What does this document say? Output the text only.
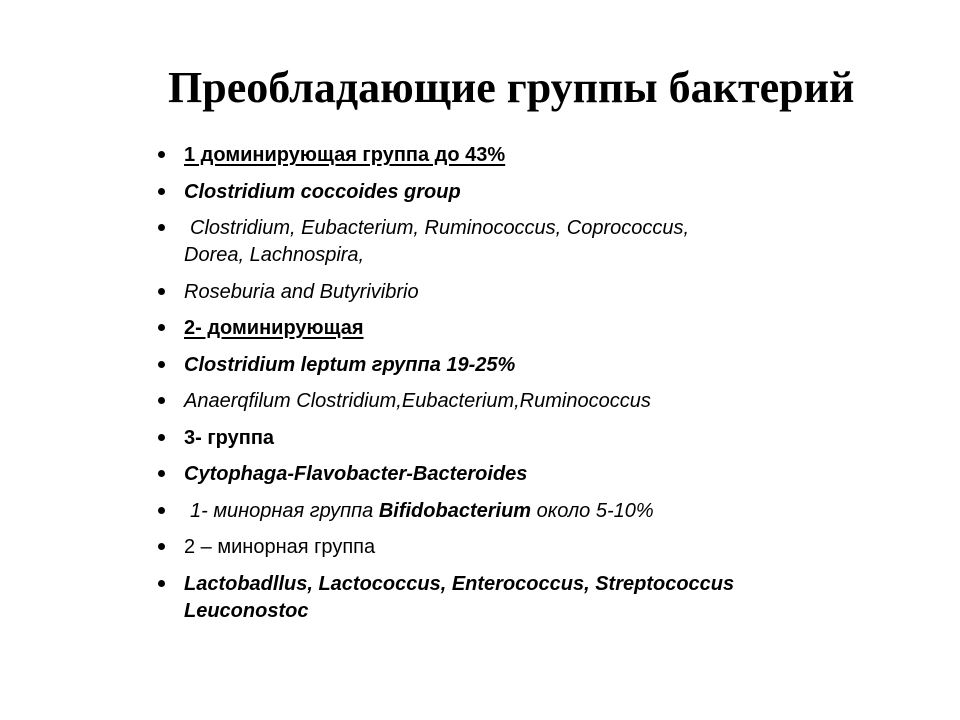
Преобладающие группы бактерий
1 доминирующая группа до 43%
Clostridium coccoides group
Clostridium, Eubacterium, Ruminococcus, Coprococcus,
Dorea, Lachnospira,
Roseburia and Butyrivibrio
2- доминирующая
Clostridium leptum группа 19-25%
Anaerqfilum Clostridium,Eubacterium,Ruminococcus
3- группа
Cytophaga-Flavobacter-Bacteroides
1- минорная группа Bifidobacterium около 5-10%
2 – минорная группа
Lactobadllus, Lactococcus, Enterococcus, Streptococcus
Leuconostoc
